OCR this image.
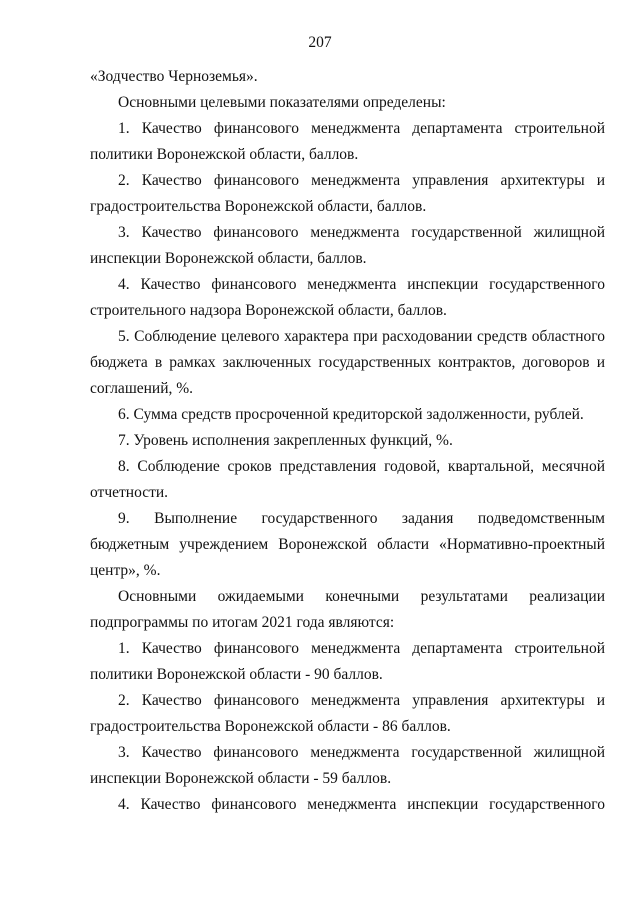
207

«Зодчество Черноземья».

Основными целевыми показателями определены:

1. Качество финансового менеджмента департамента строительной политики Воронежской области, баллов.

2. Качество финансового менеджмента управления архитектуры и градостроительства Воронежской области, баллов.

3. Качество финансового менеджмента государственной жилищной инспекции Воронежской области, баллов.

4. Качество финансового менеджмента инспекции государственного строительного надзора Воронежской области, баллов.

5. Соблюдение целевого характера при расходовании средств областного бюджета в рамках заключенных государственных контрактов, договоров и соглашений, %.

6. Сумма средств просроченной кредиторской задолженности, рублей.

7. Уровень исполнения закрепленных функций, %.

8. Соблюдение сроков представления годовой, квартальной, месячной отчетности.

9. Выполнение государственного задания подведомственным бюджетным учреждением Воронежской области «Нормативно-проектный центр», %.

Основными ожидаемыми конечными результатами реализации подпрограммы по итогам 2021 года являются:

1. Качество финансового менеджмента департамента строительной политики Воронежской области - 90 баллов.

2. Качество финансового менеджмента управления архитектуры и градостроительства Воронежской области - 86 баллов.

3. Качество финансового менеджмента государственной жилищной инспекции Воронежской области - 59 баллов.

4. Качество финансового менеджмента инспекции государственного
